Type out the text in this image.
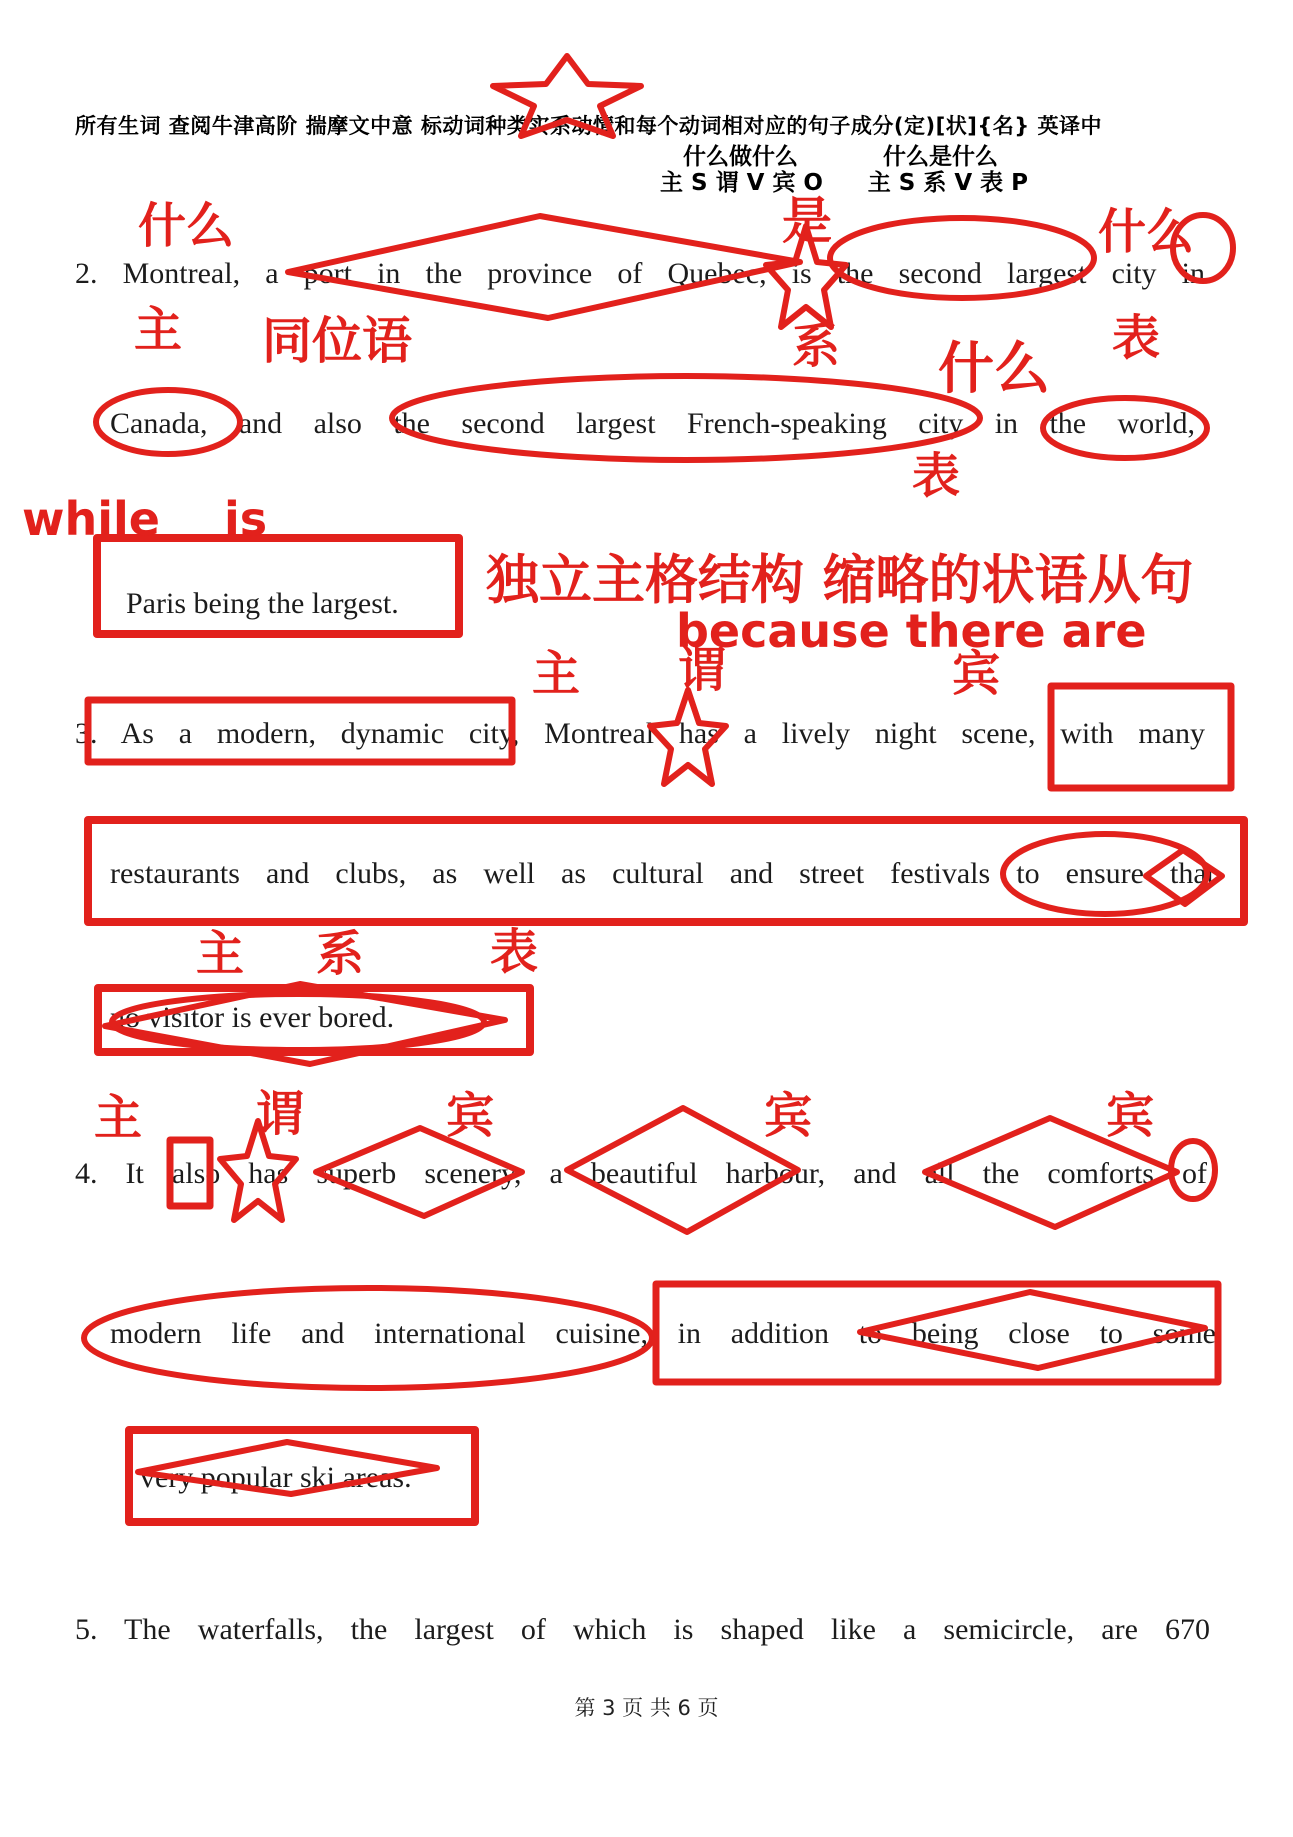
所有生词 查阅牛津高阶 揣摩文中意 标动词种类实系动情和每个动词相对应的句子成分(定)[状]{名} 英译中
什么做什么	什么是什么
主 S 谓 V 宾 O 主 S 系 V 表 P
2. Montreal, a port in the province of Quebec, is the second largest city in
Canada, and also the second largest French-speaking city in the world,
Paris being the largest.
什么	是	什么
主 同位语	系	表
什么
表
while    is
独立主格结构 缩略的状语从句
because there are
主 谓	宾
3. As a modern, dynamic city, Montreal has a lively night scene, with many
restaurants and clubs, as well as cultural and street festivals to ensure that
no visitor is ever bored.
主 系	表
主 谓	宾	宾	宾
4. It also has superb scenery, a beautiful harbour, and all the comforts of
modern life and international cuisine, in addition to being close to some
very popular ski areas.
5. The waterfalls, the largest of which is shaped like a semicircle, are 670
第 3 页 共 6 页
